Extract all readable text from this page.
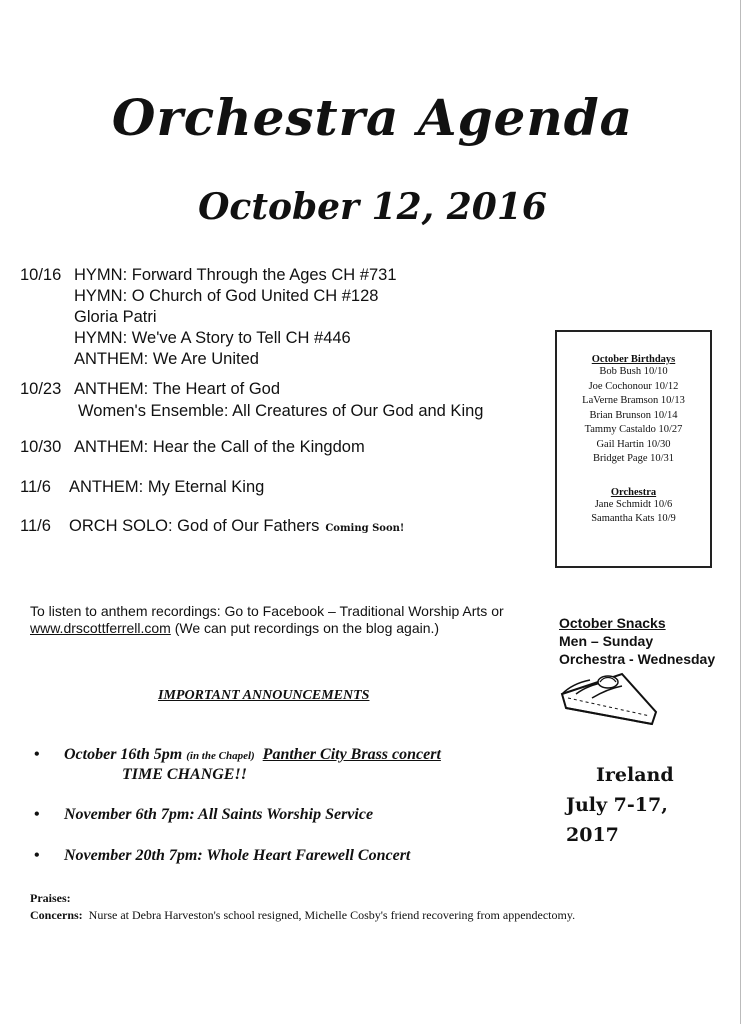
Orchestra Agenda
October 12, 2016
10/16 HYMN: Forward Through the Ages CH #731
HYMN: O Church of God United CH #128
Gloria Patri
HYMN: We've A Story to Tell CH #446
ANTHEM: We Are United
10/23 ANTHEM: The Heart of God
Women's Ensemble: All Creatures of Our God and King
10/30 ANTHEM: Hear the Call of the Kingdom
11/6 ANTHEM: My Eternal King
11/6 ORCH SOLO: God of Our Fathers Coming Soon!
October Birthdays
Bob Bush 10/10
Joe Cochonour 10/12
LaVerne Bramson 10/13
Brian Brunson 10/14
Tammy Castaldo 10/27
Gail Hartin 10/30
Bridget Page 10/31
Orchestra
Jane Schmidt 10/6
Samantha Kats 10/9
To listen to anthem recordings: Go to Facebook – Traditional Worship Arts or
www.drscottferrell.com (We can put recordings on the blog again.)	October Snacks
Men – Sunday
Orchestra - Wednesday
IMPORTANT ANNOUNCEMENTS
• October 16th 5pm (in the Chapel) Panther City Brass concert
TIME CHANGE!!
• November 6th 7pm: All Saints Worship Service
• November 20th 7pm: Whole Heart Farewell Concert
Ireland
July 7-17, 2017
Praises:
Concerns: Nurse at Debra Harveston's school resigned, Michelle Cosby's friend recovering from appendectomy.
